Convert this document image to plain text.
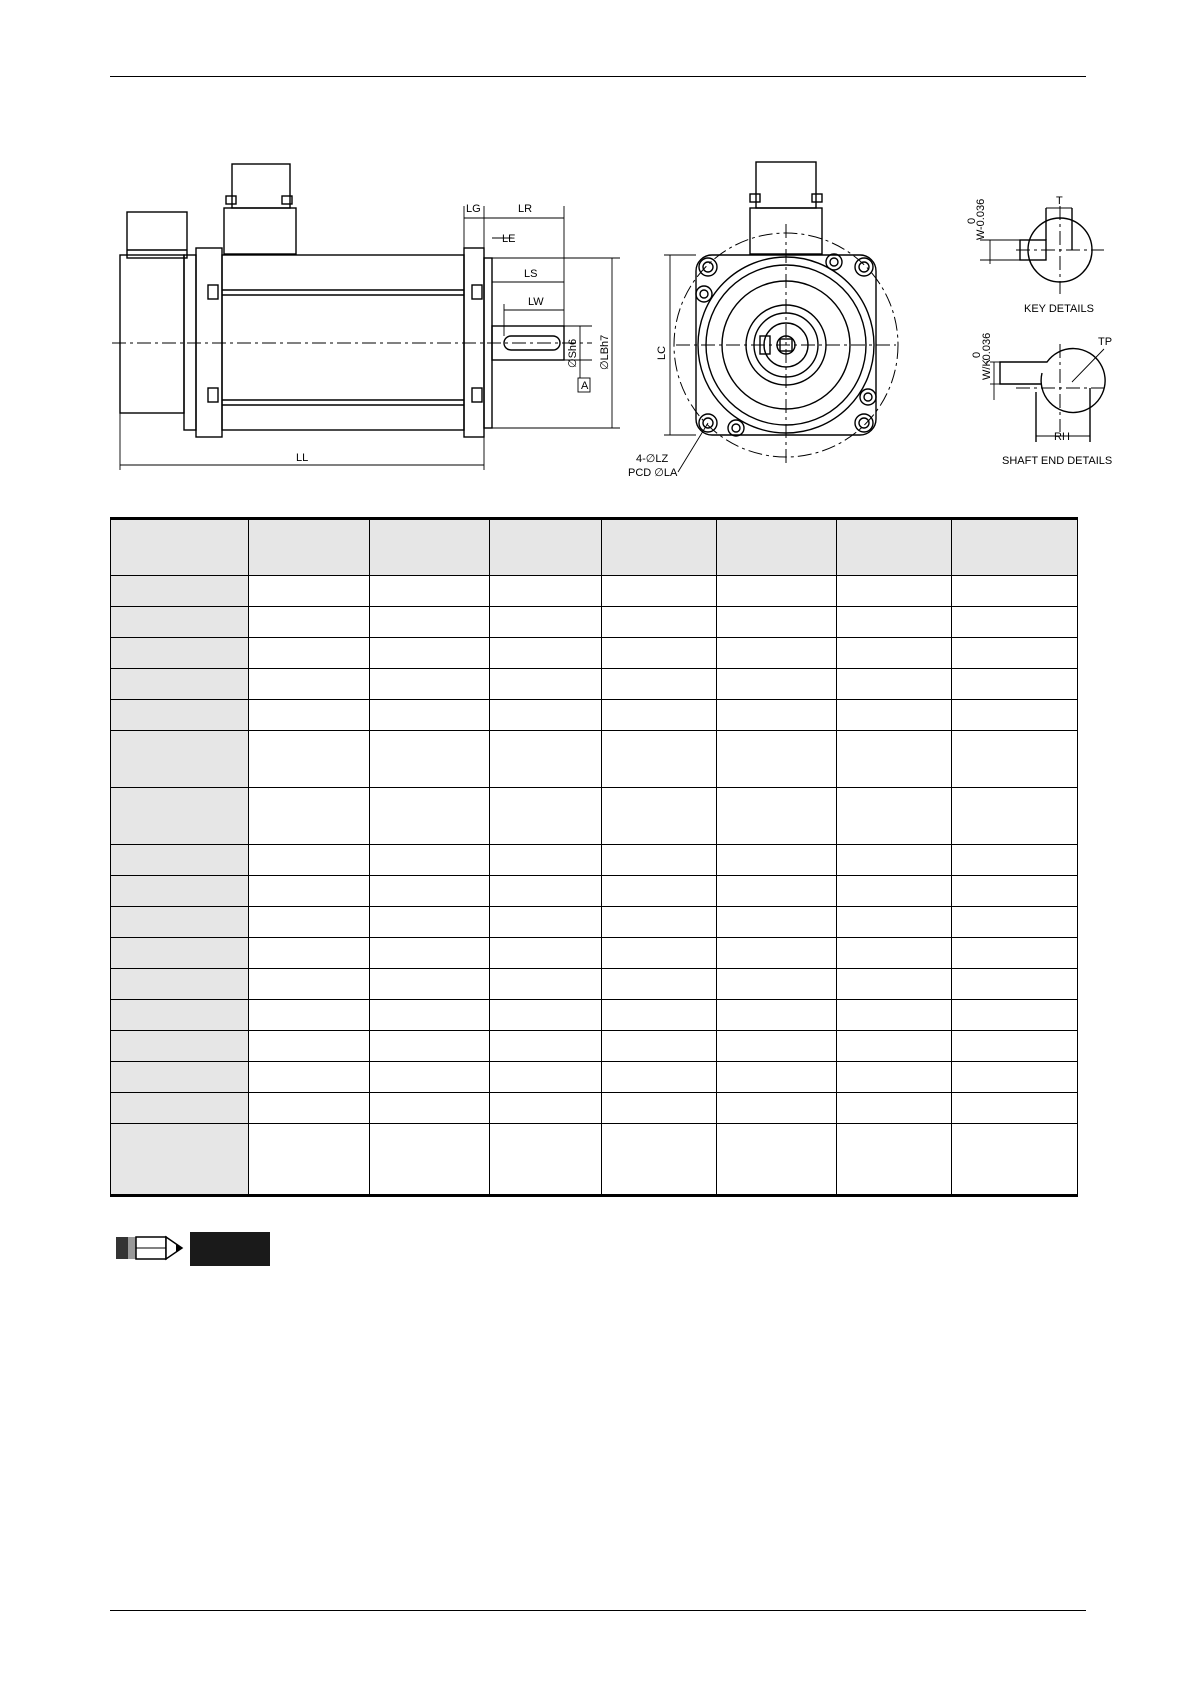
LG	LR
LE
LS
LW
∅Sh6
A
∅LBh7
LL
LC
4-∅LZ
PCD ∅LA
T
W
0
-0.036
KEY DETAILS
TP
W/K
0
-0.036
RH
SHAFT END DETAILS
